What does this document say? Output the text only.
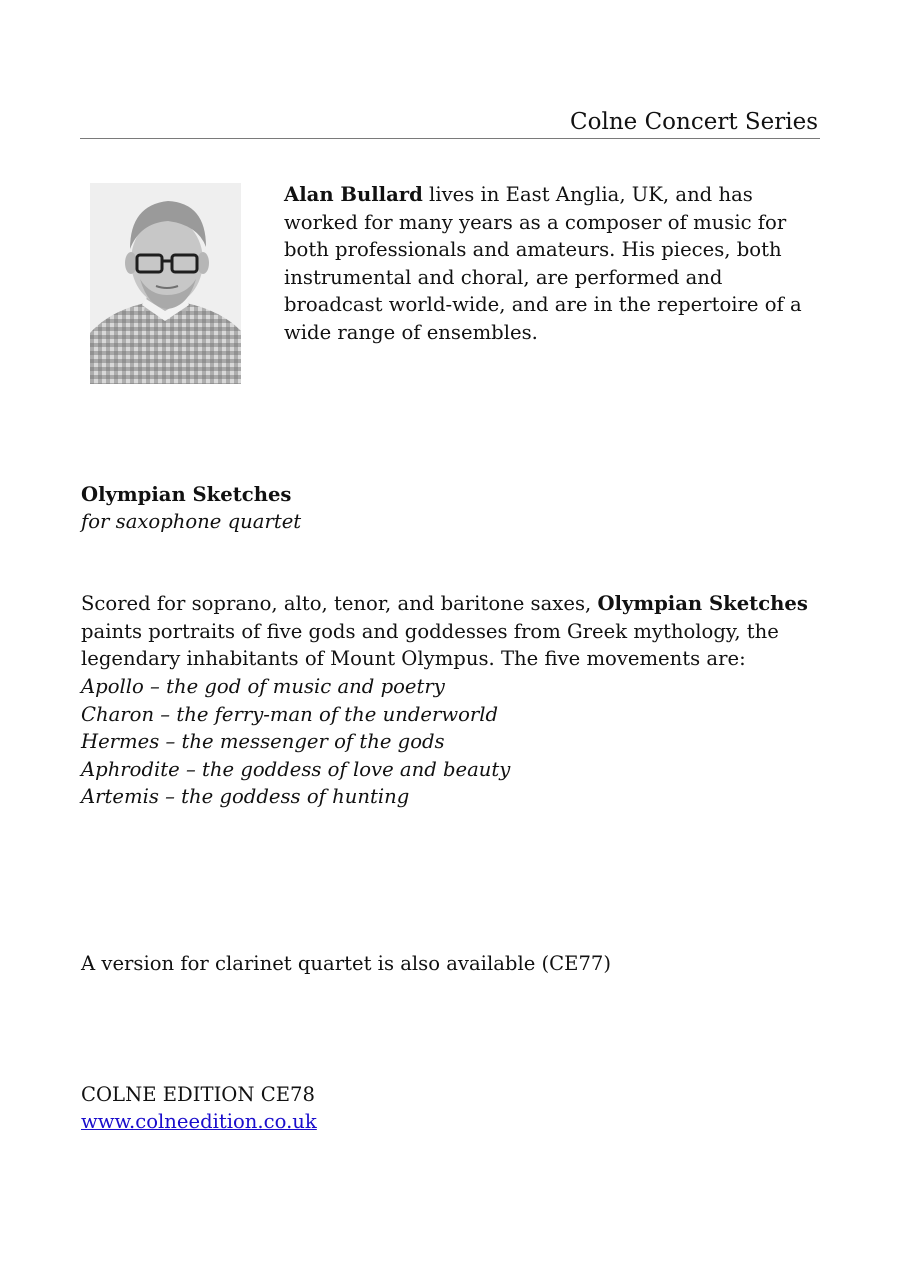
Colne Concert Series
Alan Bullard lives in East Anglia, UK, and has worked for many years as a composer of music for both professionals and amateurs. His pieces, both instrumental and choral, are performed and broadcast world-wide, and are in the repertoire of a wide range of ensembles.
Olympian Sketches
for saxophone quartet
Scored for soprano, alto, tenor, and baritone saxes, Olympian Sketches paints portraits of five gods and goddesses from Greek mythology, the legendary inhabitants of Mount Olympus. The five movements are:
Apollo – the god of music and poetry
Charon – the ferry-man of the underworld
Hermes – the messenger of the gods
Aphrodite – the goddess of love and beauty
Artemis – the goddess of hunting
A version for clarinet quartet is also available (CE77)
COLNE EDITION CE78
www.colneedition.co.uk
